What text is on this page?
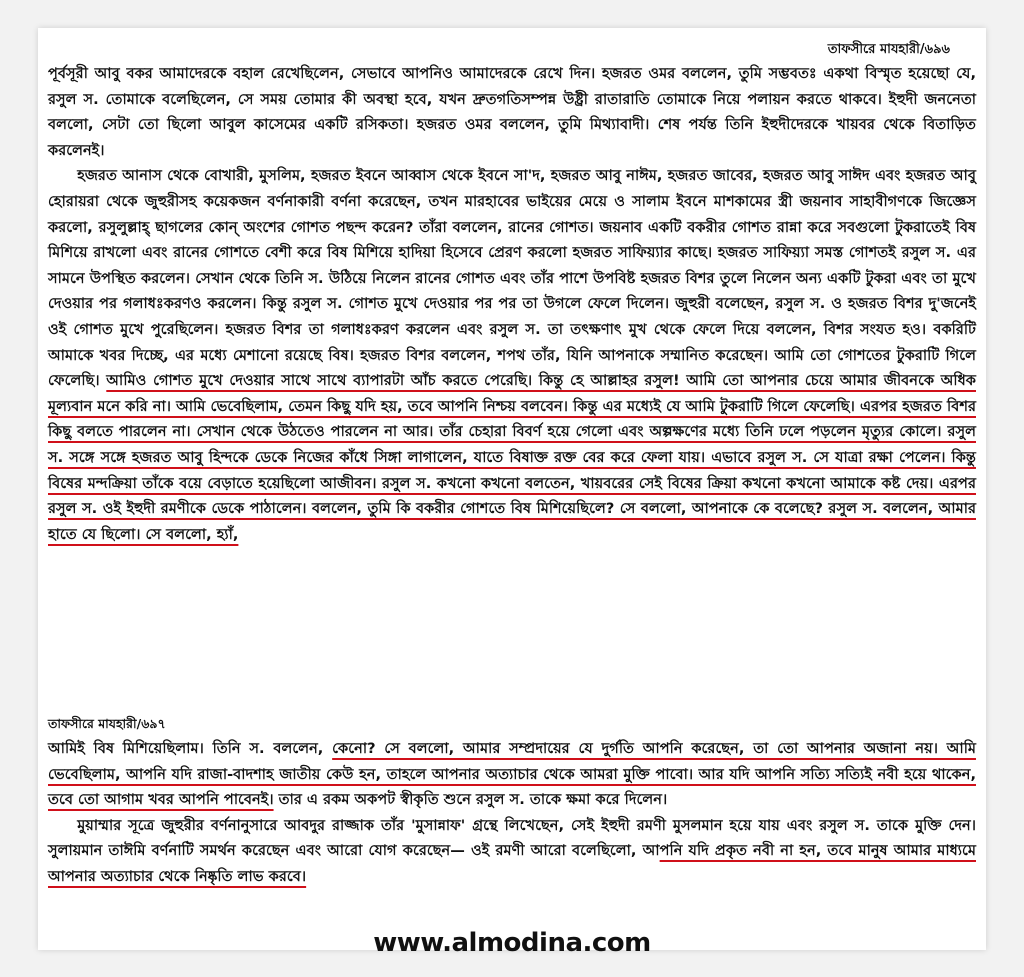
তাফসীরে মাযহারী/৬৯৬

পূর্বসূরী আবু বকর আমাদেরকে বহাল রেখেছিলেন, সেভাবে আপনিও আমাদেরকে রেখে দিন। হজরত ওমর বললেন, তুমি সম্ভবতঃ একথা বিস্মৃত হয়েছো যে, রসুল স. তোমাকে বলেছিলেন, সে সময় তোমার কী অবস্থা হবে, যখন দ্রুতগতিসম্পন্ন উষ্ট্রী রাতারাতি তোমাকে নিয়ে পলায়ন করতে থাকবে। ইহুদী জননেতা বললো, সেটা তো ছিলো আবুল কাসেমের একটি রসিকতা। হজরত ওমর বললেন, তুমি মিথ্যাবাদী। শেষ পর্যন্ত তিনি ইহুদীদেরকে খায়বর থেকে বিতাড়িত করলেনই।

হজরত আনাস থেকে বোখারী, মুসলিম, হজরত ইবনে আব্বাস থেকে ইবনে সা'দ, হজরত আবু নাঈম, হজরত জাবের, হজরত আবু সাঈদ এবং হজরত আবু হোরায়রা থেকে জুহুরীসহ কয়েকজন বর্ণনাকারী বর্ণনা করেছেন, তখন মারহাবের ভাইয়ের মেয়ে ও সালাম ইবনে মাশকামের স্ত্রী জয়নাব সাহাবীগণকে জিজ্ঞেস করলো, রসুলুল্লাহ্ ছাগলের কোন্ অংশের গোশত পছন্দ করেন? তাঁরা বললেন, রানের গোশত। জয়নাব একটি বকরীর গোশত রান্না করে সবগুলো টুকরাতেই বিষ মিশিয়ে রাখলো এবং রানের গোশতে বেশী করে বিষ মিশিয়ে হাদিয়া হিসেবে প্রেরণ করলো হজরত সাফিয়্যার কাছে। হজরত সাফিয়্যা সমস্ত গোশতই রসুল স. এর সামনে উপস্থিত করলেন। সেখান থেকে তিনি স. উঠিয়ে নিলেন রানের গোশত এবং তাঁর পাশে উপবিষ্ট হজরত বিশর তুলে নিলেন অন্য একটি টুকরা এবং তা মুখে দেওয়ার পর গলাধঃকরণও করলেন। কিন্তু রসুল স. গোশত মুখে দেওয়ার পর পর তা উগলে ফেলে দিলেন। জুহুরী বলেছেন, রসুল স. ও হজরত বিশর দু'জনেই ওই গোশত মুখে পুরেছিলেন। হজরত বিশর তা গলাধঃকরণ করলেন এবং রসুল স. তা তৎক্ষণাৎ মুখ থেকে ফেলে দিয়ে বললেন, বিশর সংযত হও। বকরিটি আমাকে খবর দিচ্ছে, এর মধ্যে মেশানো রয়েছে বিষ। হজরত বিশর বললেন, শপথ তাঁর, যিনি আপনাকে সম্মানিত করেছেন। আমি তো গোশতের টুকরাটি গিলে ফেলেছি। আমিও গোশত মুখে দেওয়ার সাথে সাথে ব্যাপারটা আঁচ করতে পেরেছি। কিন্তু হে আল্লাহর রসুল! আমি তো আপনার চেয়ে আমার জীবনকে অধিক মূল্যবান মনে করি না। আমি ভেবেছিলাম, তেমন কিছু যদি হয়, তবে আপনি নিশ্চয় বলবেন। কিন্তু এর মধ্যেই যে আমি টুকরাটি গিলে ফেলেছি। এরপর হজরত বিশর কিছু বলতে পারলেন না। সেখান থেকে উঠতেও পারলেন না আর। তাঁর চেহারা বিবর্ণ হয়ে গেলো এবং অল্পক্ষণের মধ্যে তিনি ঢলে পড়লেন মৃত্যুর কোলে। রসুল স. সঙ্গে সঙ্গে হজরত আবু হিন্দকে ডেকে নিজের কাঁধে সিঙ্গা লাগালেন, যাতে বিষাক্ত রক্ত বের করে ফেলা যায়। এভাবে রসুল স. সে যাত্রা রক্ষা পেলেন। কিন্তু বিষের মন্দক্রিয়া তাঁকে বয়ে বেড়াতে হয়েছিলো আজীবন। রসুল স. কখনো কখনো বলতেন, খায়বরের সেই বিষের ক্রিয়া কখনো কখনো আমাকে কষ্ট দেয়। এরপর রসুল স. ওই ইহুদী রমণীকে ডেকে পাঠালেন। বললেন, তুমি কি বকরীর গোশতে বিষ মিশিয়েছিলে? সে বললো, আপনাকে কে বলেছে? রসুল স. বললেন, আমার হাতে যে ছিলো। সে বললো, হ্যাঁ,

তাফসীরে মাযহারী/৬৯৭

আমিই বিষ মিশিয়েছিলাম। তিনি স. বললেন, কেনো? সে বললো, আমার সম্প্রদায়ের যে দুর্গতি আপনি করেছেন, তা তো আপনার অজানা নয়। আমি ভেবেছিলাম, আপনি যদি রাজা-বাদশাহ জাতীয় কেউ হন, তাহলে আপনার অত্যাচার থেকে আমরা মুক্তি পাবো। আর যদি আপনি সত্যি সত্যিই নবী হয়ে থাকেন, তবে তো আগাম খবর আপনি পাবেনই। তার এ রকম অকপট স্বীকৃতি শুনে রসুল স. তাকে ক্ষমা করে দিলেন।

মুয়াম্মার সূত্রে জুহুরীর বর্ণনানুসারে আবদুর রাজ্জাক তাঁর 'মুসান্নাফ' গ্রন্থে লিখেছেন, সেই ইহুদী রমণী মুসলমান হয়ে যায় এবং রসুল স. তাকে মুক্তি দেন। সুলায়মান তাঈমি বর্ণনাটি সমর্থন করেছেন এবং আরো যোগ করেছেন— ওই রমণী আরো বলেছিলো, আপনি যদি প্রকৃত নবী না হন, তবে মানুষ আমার মাধ্যমে আপনার অত্যাচার থেকে নিষ্কৃতি লাভ করবে।

www.almodina.com
